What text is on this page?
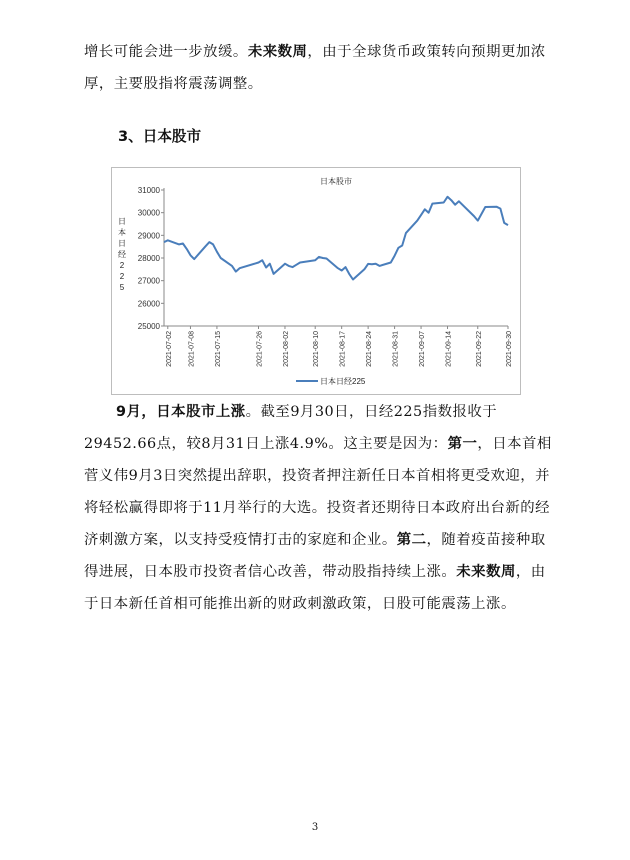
增长可能会进一步放缓。未来数周，由于全球货币政策转向预期更加浓厚，主要股指将震荡调整。

3、日本股市
日本股市
日本日经 2 2 5
25000
26000
27000
28000
29000
30000
31000
2021-07-02 2021-07-08	2021-07-15	2021-07-26	2021-08-02	2021-08-10	2021-08-17	2021-08-24	2021-08-31	2021-09-07	2021-09-14	2021-09-22	2021-09-30
日本日经225

9月，日本股市上涨。截至9月30日，日经225指数报收于29452.66点，较8月31日上涨4.9%。这主要是因为：第一，日本首相菅义伟9月3日突然提出辞职，投资者押注新任日本首相将更受欢迎，并将轻松赢得即将于11月举行的大选。投资者还期待日本政府出台新的经济刺激方案，以支持受疫情打击的家庭和企业。第二，随着疫苗接种取得进展，日本股市投资者信心改善，带动股指持续上涨。未来数周，由于日本新任首相可能推出新的财政刺激政策，日股可能震荡上涨。

3
